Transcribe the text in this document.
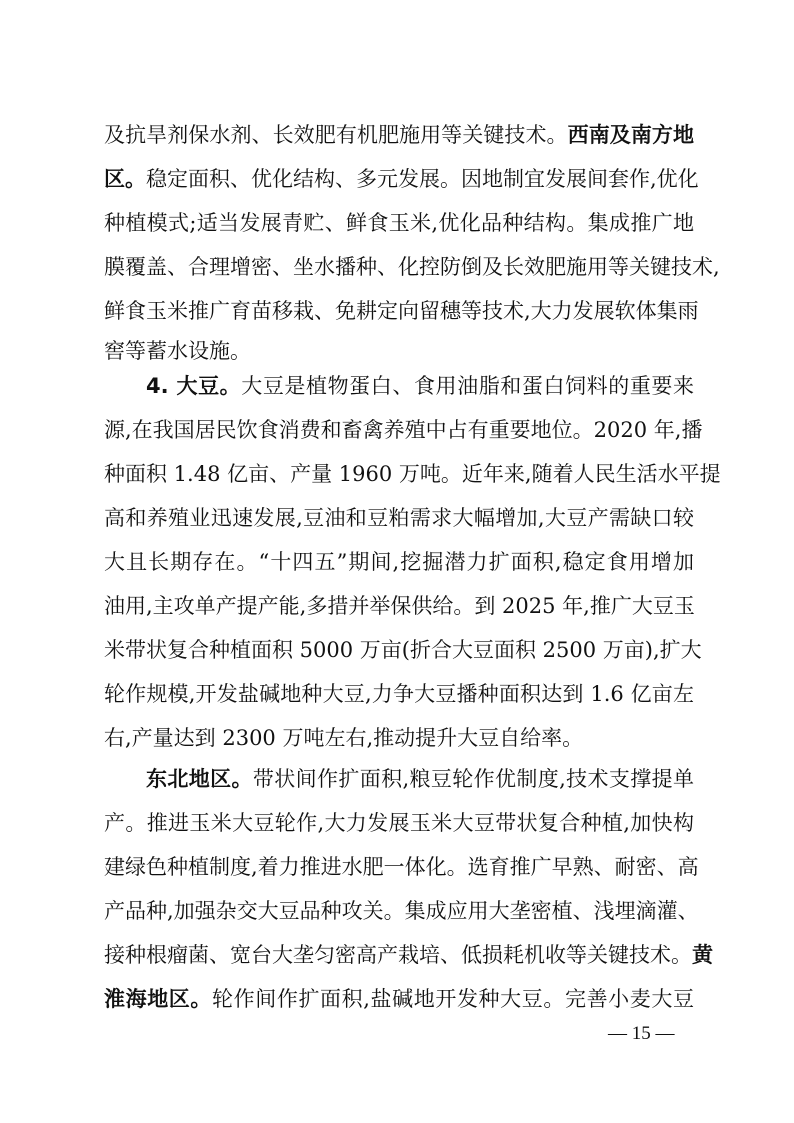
及抗旱剂保水剂、长效肥有机肥施用等关键技术。西南及南方地
区。稳定面积、优化结构、多元发展。因地制宜发展间套作,优化
种植模式;适当发展青贮、鲜食玉米,优化品种结构。集成推广地
膜覆盖、合理增密、坐水播种、化控防倒及长效肥施用等关键技术,
鲜食玉米推广育苗移栽、免耕定向留穗等技术,大力发展软体集雨
窖等蓄水设施。
4. 大豆。大豆是植物蛋白、食用油脂和蛋白饲料的重要来
源,在我国居民饮食消费和畜禽养殖中占有重要地位。2020 年,播
种面积 1.48 亿亩、产量 1960 万吨。近年来,随着人民生活水平提
高和养殖业迅速发展,豆油和豆粕需求大幅增加,大豆产需缺口较
大且长期存在。“十四五”期间,挖掘潜力扩面积,稳定食用增加
油用,主攻单产提产能,多措并举保供给。到 2025 年,推广大豆玉
米带状复合种植面积 5000 万亩(折合大豆面积 2500 万亩),扩大
轮作规模,开发盐碱地种大豆,力争大豆播种面积达到 1.6 亿亩左
右,产量达到 2300 万吨左右,推动提升大豆自给率。
东北地区。带状间作扩面积,粮豆轮作优制度,技术支撑提单
产。推进玉米大豆轮作,大力发展玉米大豆带状复合种植,加快构
建绿色种植制度,着力推进水肥一体化。选育推广早熟、耐密、高
产品种,加强杂交大豆品种攻关。集成应用大垄密植、浅埋滴灌、
接种根瘤菌、宽台大垄匀密高产栽培、低损耗机收等关键技术。黄
淮海地区。轮作间作扩面积,盐碱地开发种大豆。完善小麦大豆
— 15 —
